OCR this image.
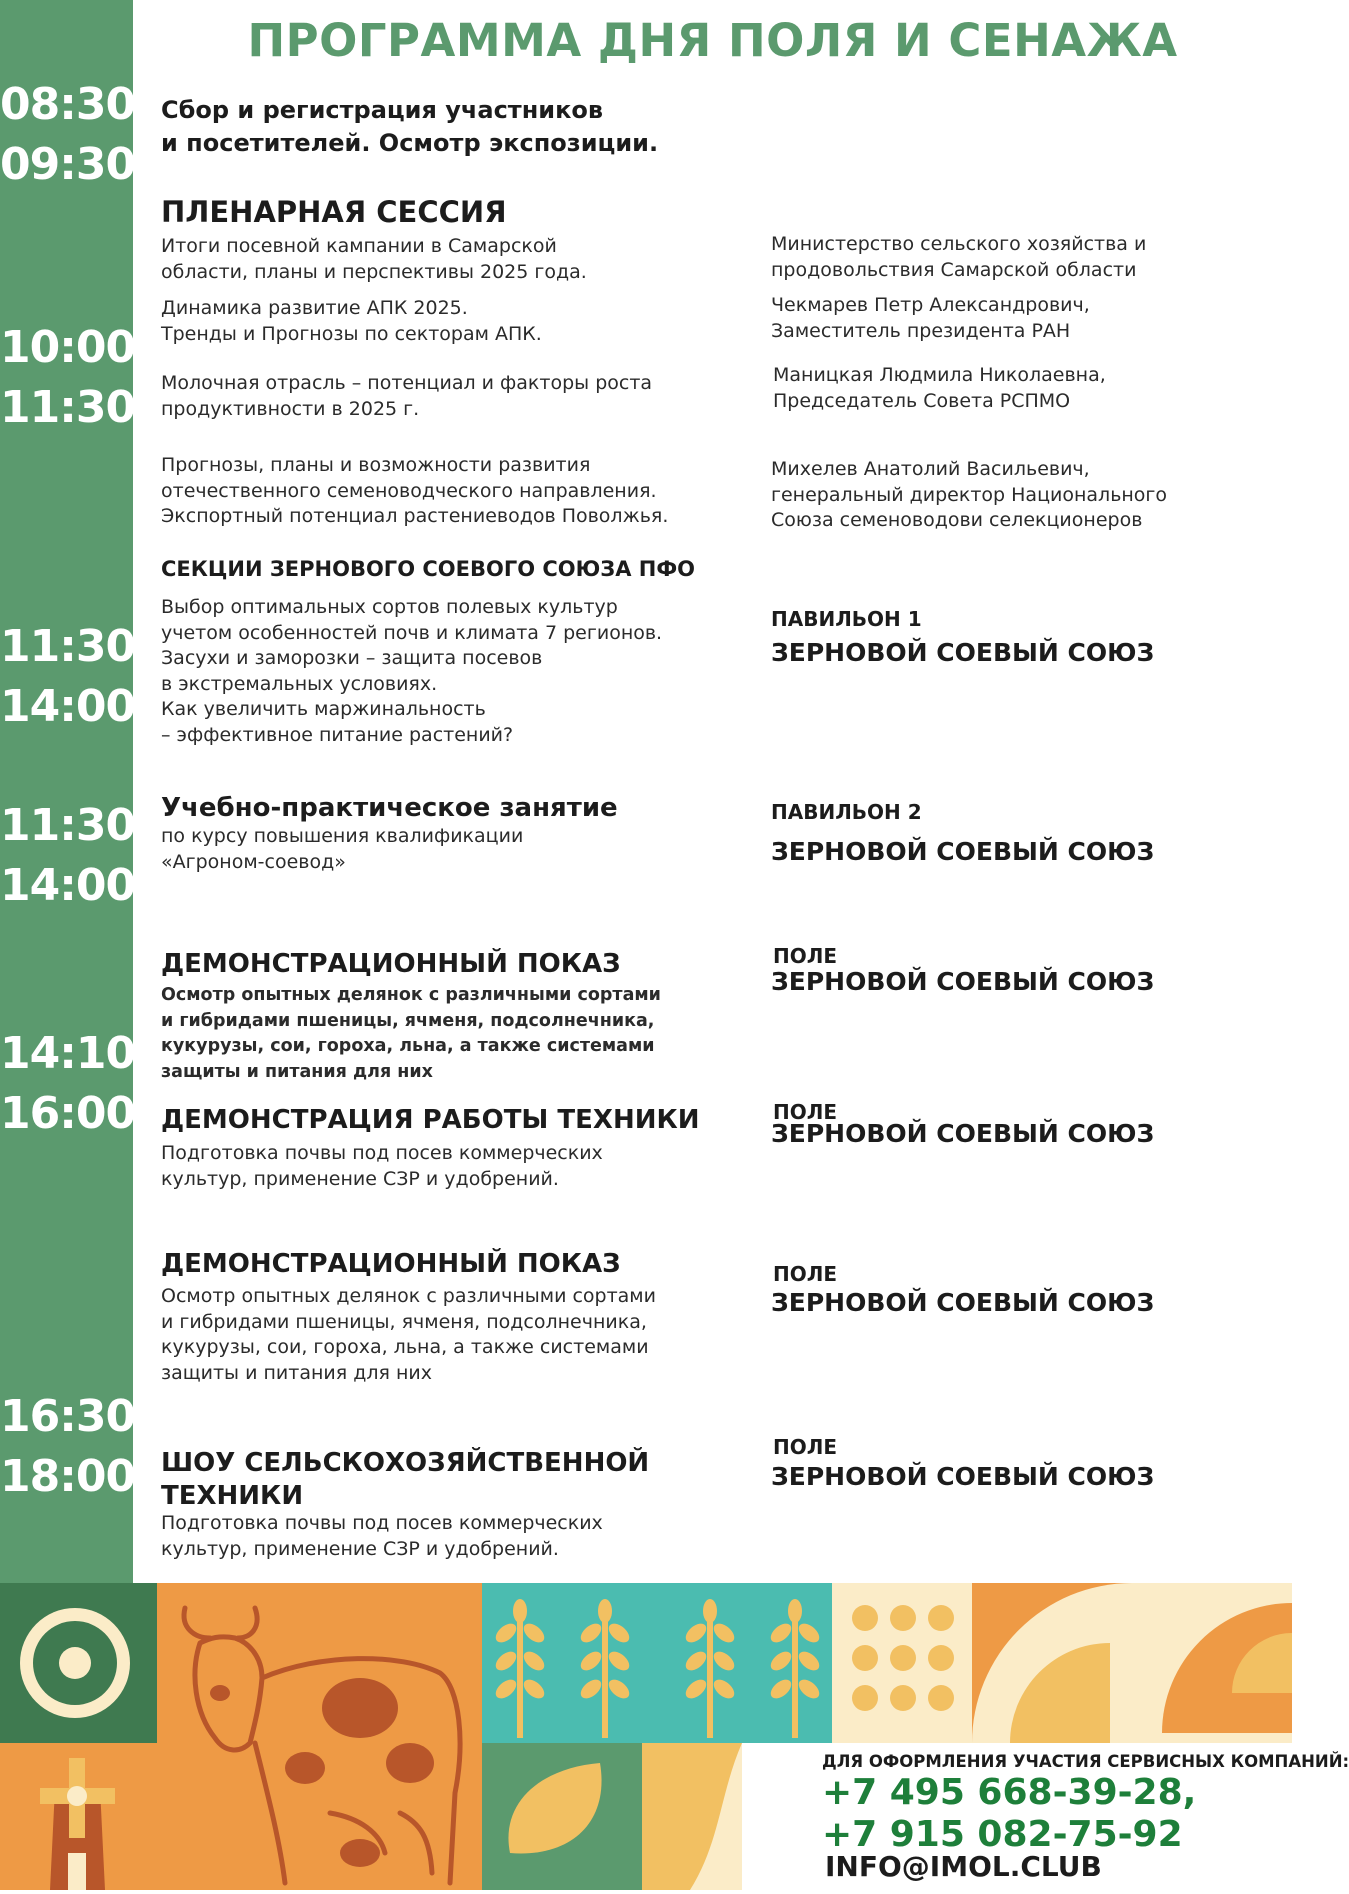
08:30
09:30
10:00
11:30
11:30
14:00
11:30
14:00
14:10
16:00
16:30
18:00
ПРОГРАММА ДНЯ ПОЛЯ И СЕНАЖА
Сбор и регистрация участников
и посетителей. Осмотр экспозиции.
ПЛЕНАРНАЯ СЕССИЯ
Итоги посевной кампании в Самарской
области, планы и перспективы 2025 года.
Министерство сельского хозяйства и
продовольствия Самарской области
Динамика развитие АПК 2025.
Тренды и Прогнозы по секторам АПК.
Чекмарев Петр Александрович,
Заместитель президента РАН
Молочная отрасль – потенциал и факторы роста
продуктивности в 2025 г.
Маницкая Людмила Николаевна,
Председатель Совета РСПМО
Прогнозы, планы и возможности развития
отечественного семеноводческого направления.
Экспортный потенциал растениеводов Поволжья.
Михелев Анатолий Васильевич,
генеральный директор Национального
Союза семеноводови селекционеров
СЕКЦИИ ЗЕРНОВОГО СОЕВОГО СОЮЗА ПФО
Выбор оптимальных сортов полевых культур
учетом особенностей почв и климата 7 регионов.
Засухи и заморозки – защита посевов
в экстремальных условиях.
Как увеличить маржинальность
– эффективное питание растений?
ПАВИЛЬОН 1
ЗЕРНОВОЙ СОЕВЫЙ СОЮЗ
Учебно-практическое занятие
по курсу повышения квалификации
«Агроном-соевод»
ПАВИЛЬОН 2
ЗЕРНОВОЙ СОЕВЫЙ СОЮЗ
ДЕМОНСТРАЦИОННЫЙ ПОКАЗ
Осмотр опытных делянок с различными сортами
и гибридами пшеницы, ячменя, подсолнечника,
кукурузы, сои, гороха, льна, а также системами
защиты и питания для них
ПОЛЕ
ЗЕРНОВОЙ СОЕВЫЙ СОЮЗ
ДЕМОНСТРАЦИЯ РАБОТЫ ТЕХНИКИ
Подготовка почвы под посев коммерческих
культур, применение СЗР и удобрений.
ПОЛЕ
ЗЕРНОВОЙ СОЕВЫЙ СОЮЗ
ДЕМОНСТРАЦИОННЫЙ ПОКАЗ
Осмотр опытных делянок с различными сортами
и гибридами пшеницы, ячменя, подсолнечника,
кукурузы, сои, гороха, льна, а также системами
защиты и питания для них
ПОЛЕ
ЗЕРНОВОЙ СОЕВЫЙ СОЮЗ
ШОУ СЕЛЬСКОХОЗЯЙСТВЕННОЙ
ТЕХНИКИ
Подготовка почвы под посев коммерческих
культур, применение СЗР и удобрений.
ПОЛЕ
ЗЕРНОВОЙ СОЕВЫЙ СОЮЗ
ДЛЯ ОФОРМЛЕНИЯ УЧАСТИЯ СЕРВИСНЫХ КОМПАНИЙ:
+7 495 668-39-28,
+7 915 082-75-92
INFO@IMOL.CLUB
